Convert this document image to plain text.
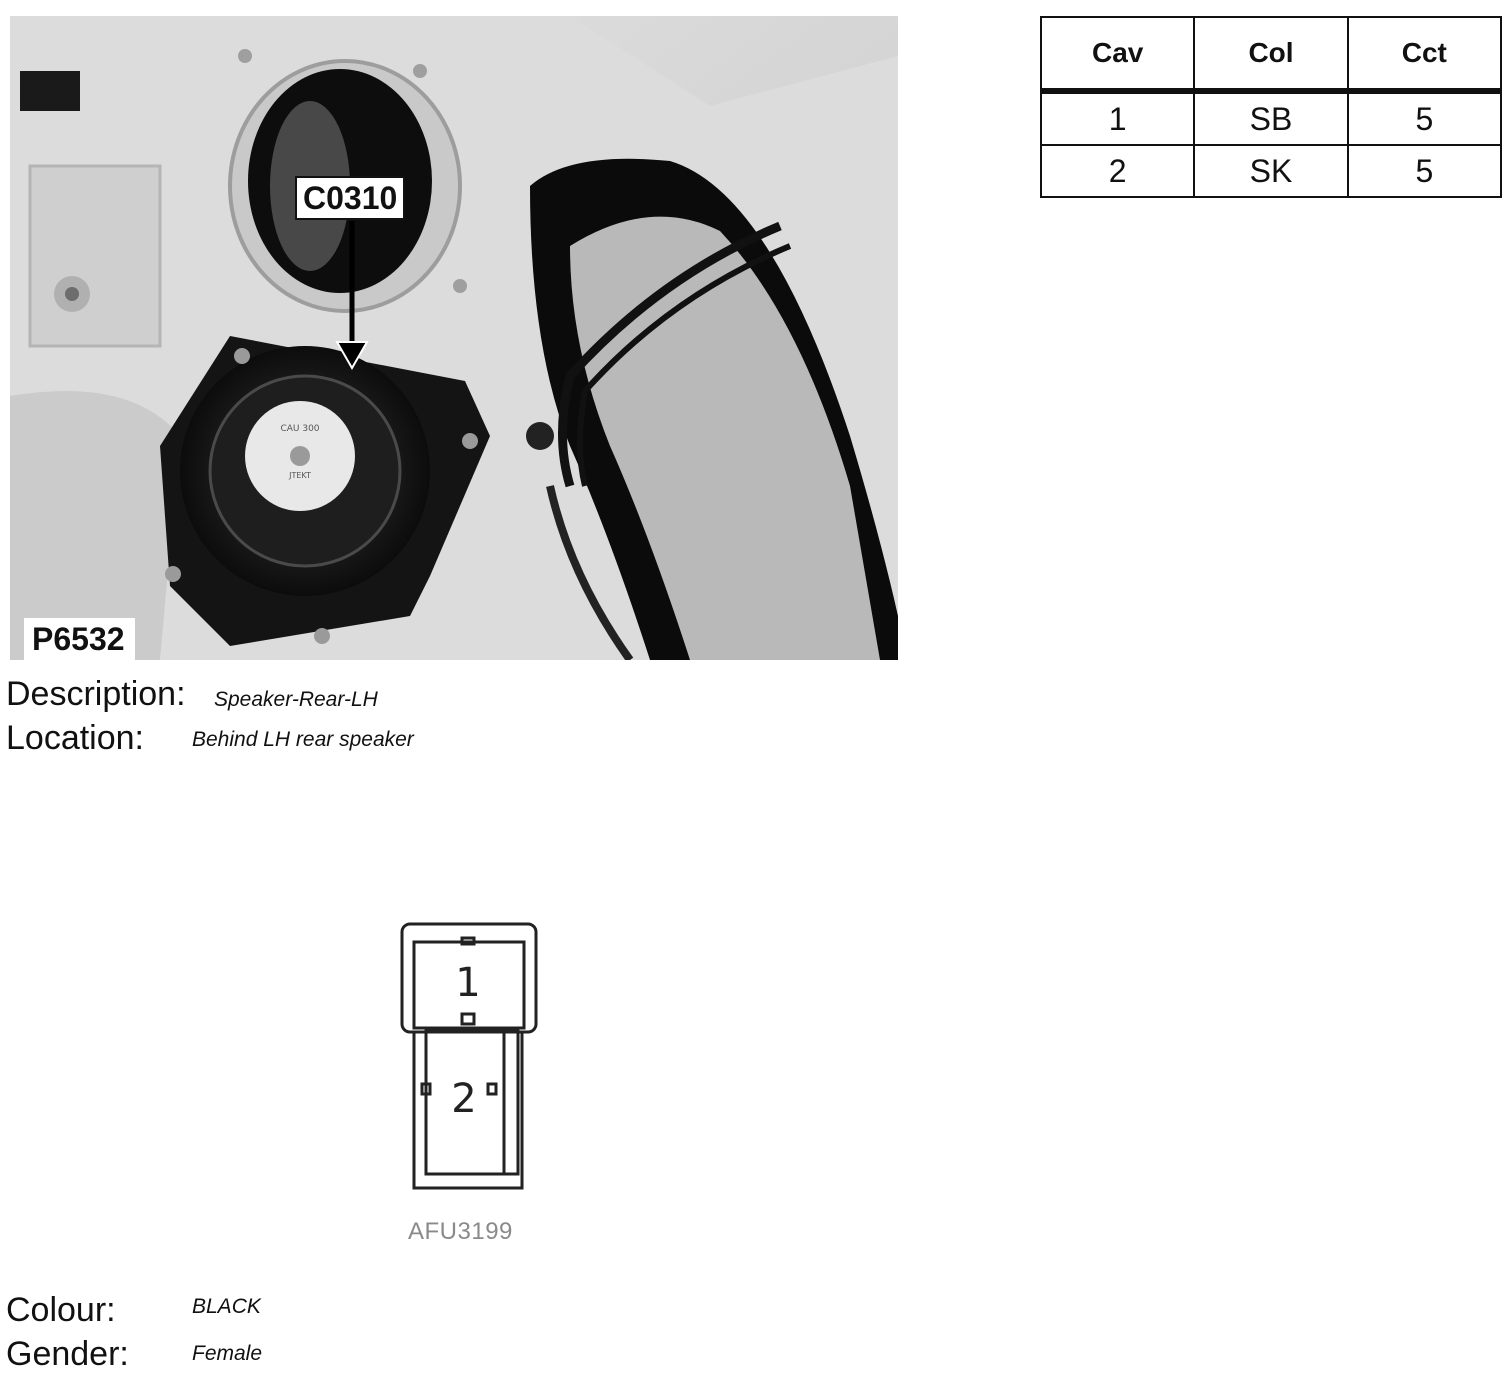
CAU 300
JTEKT
C0310
P6532
Cav	Col	Cct
1	SB	5
2	SK	5
Description: Speaker-Rear-LH
Location: Behind LH rear speaker
1
2
AFU3199
Colour:	BLACK
Gender:	Female
